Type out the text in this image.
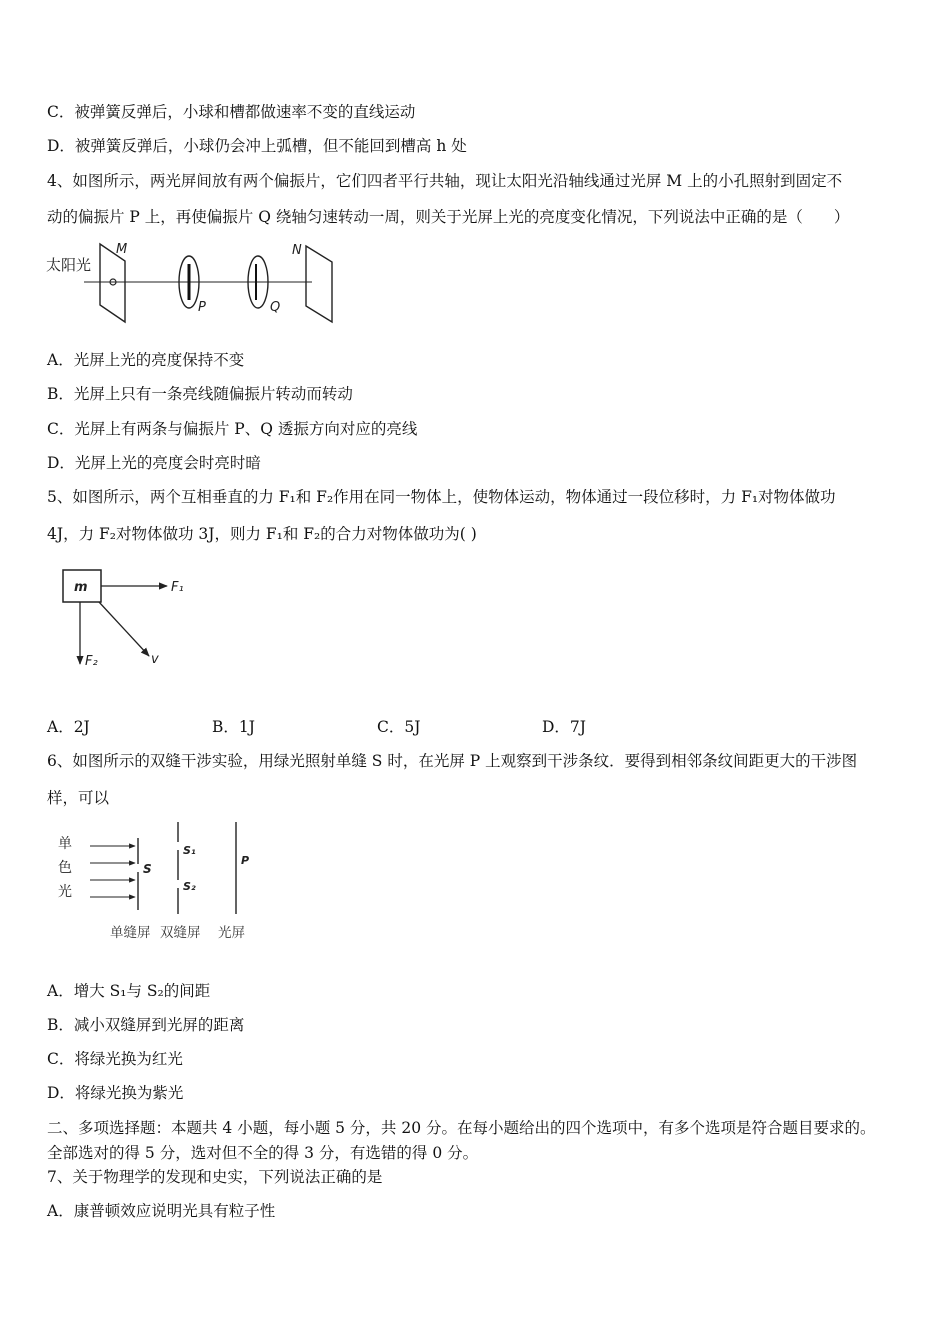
C．被弹簧反弹后，小球和槽都做速率不变的直线运动
D．被弹簧反弹后，小球仍会冲上弧槽，但不能回到槽高 h 处
4、如图所示，两光屏间放有两个偏振片，它们四者平行共轴，现让太阳光沿轴线通过光屏 M 上的小孔照射到固定不
动的偏振片 P 上，再使偏振片 Q 绕轴匀速转动一周，则关于光屏上光的亮度变化情况，下列说法中正确的是（　　）
太阳光
M
P	Q
N
A．光屏上光的亮度保持不变
B．光屏上只有一条亮线随偏振片转动而转动
C．光屏上有两条与偏振片 P、Q 透振方向对应的亮线
D．光屏上光的亮度会时亮时暗
5、如图所示，两个互相垂直的力 F₁和 F₂作用在同一物体上，使物体运动，物体通过一段位移时，力 F₁对物体做功
4J，力 F₂对物体做功 3J，则力 F₁和 F₂的合力对物体做功为( )
m	F₁
F₂	v
A．2J	B．1J	C．5J	D．7J
6、如图所示的双缝干涉实验，用绿光照射单缝 S 时，在光屏 P 上观察到干涉条纹．要得到相邻条纹间距更大的干涉图
样，可以
单
色
光
S
S₁
S₂
P
单缝屏 双缝屏 光屏
A．增大 S₁与 S₂的间距
B．减小双缝屏到光屏的距离
C．将绿光换为红光
D．将绿光换为紫光
二、多项选择题：本题共 4 小题，每小题 5 分，共 20 分。在每小题给出的四个选项中，有多个选项是符合题目要求的。
全部选对的得 5 分，选对但不全的得 3 分，有选错的得 0 分。
7、关于物理学的发现和史实，下列说法正确的是
A．康普顿效应说明光具有粒子性
